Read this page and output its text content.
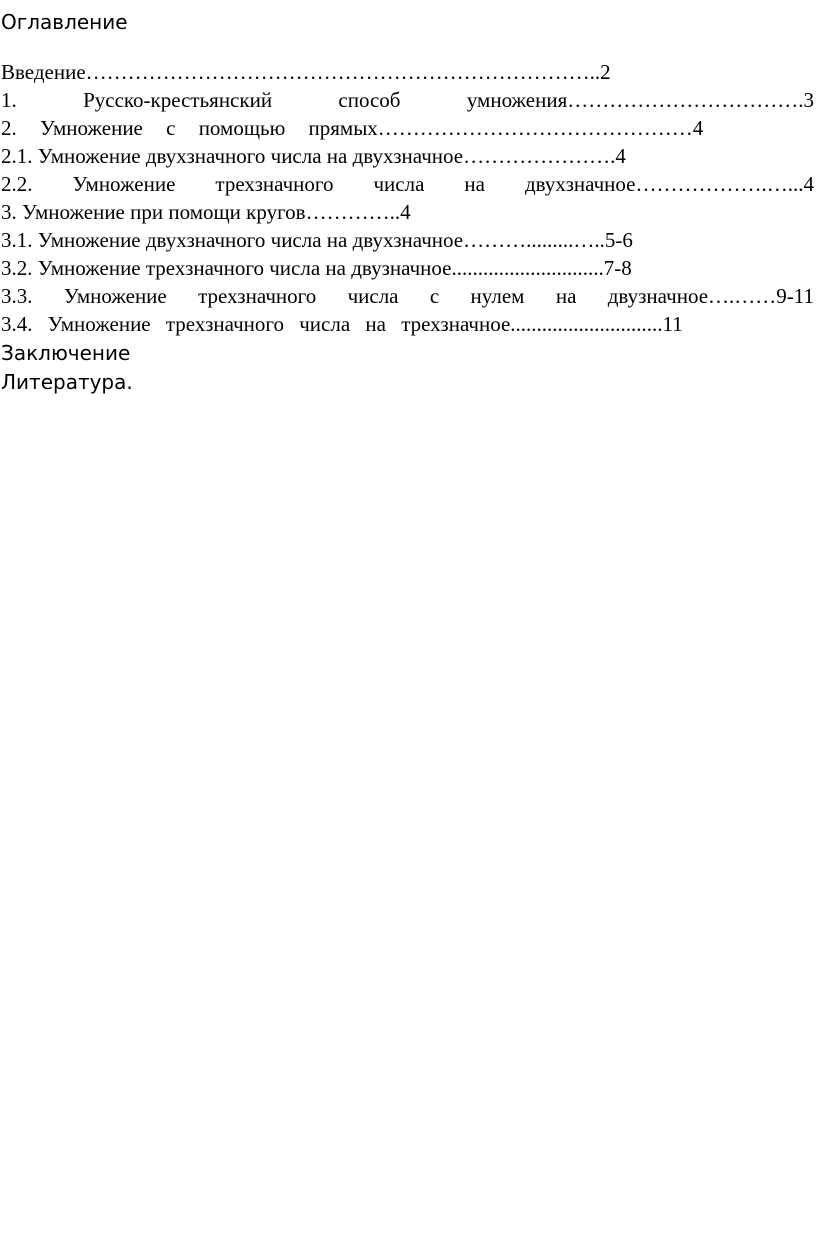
Оглавление
Введение………………………………………………………………..2
1. Русско-крестьянский способ умножения…………………………….3
2. Умножение с помощью прямых………………………………………4
2.1. Умножение двухзначного числа на двухзначное………………….4
2.2. Умножение трехзначного числа на двухзначное……………….…...4
3. Умножение при помощи кругов…………..4
3.1. Умножение двухзначного числа на двухзначное……….........…..5-6
3.2. Умножение трехзначного числа на двузначное.............................7-8
3.3. Умножение трехзначного числа с нулем на двузначное….……9-11
3.4. Умножение трехзначного числа на трехзначное.............................11
Заключение
Литература.
